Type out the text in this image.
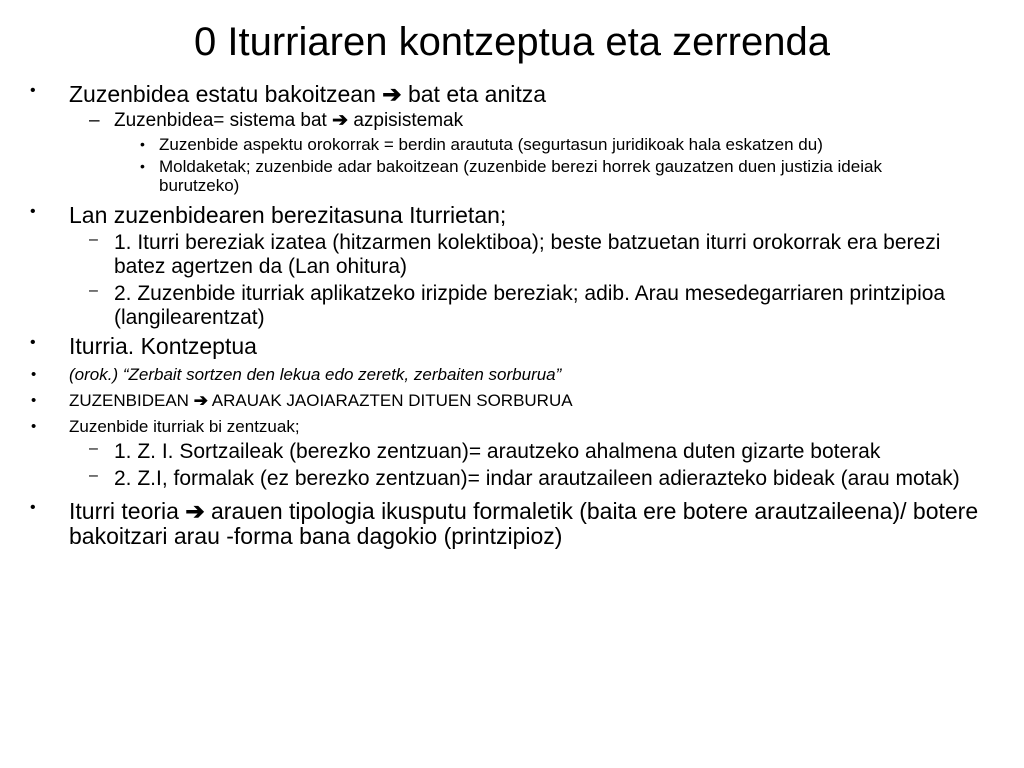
0 Iturriaren kontzeptua eta zerrenda
• Zuzenbidea estatu bakoitzean ➔ bat eta anitza
– Zuzenbidea= sistema bat ➔ azpisistemak
• Zuzenbide aspektu orokorrak = berdin araututa (segurtasun juridikoak hala eskatzen du)
• Moldaketak; zuzenbide adar bakoitzean (zuzenbide berezi horrek gauzatzen duen justizia ideiak burutzeko)
• Lan zuzenbidearen berezitasuna Iturrietan;
– 1. Iturri bereziak izatea (hitzarmen kolektiboa); beste batzuetan iturri orokorrak era berezi batez agertzen da (Lan ohitura)
– 2. Zuzenbide iturriak aplikatzeko irizpide bereziak; adib. Arau mesedegarriaren printzipioa (langilearentzat)
• Iturria. Kontzeptua
• (orok.) “Zerbait sortzen den lekua edo zeretk, zerbaiten sorburua”
• ZUZENBIDEAN ➔ ARAUAK JAOIARAZTEN DITUEN SORBURUA
• Zuzenbide iturriak bi zentzuak;
– 1. Z. I. Sortzaileak (berezko zentzuan)= arautzeko ahalmena duten gizarte boterak
– 2. Z.I, formalak (ez berezko zentzuan)= indar arautzaileen adierazteko bideak (arau motak)
• Iturri teoria ➔ arauen tipologia ikusputu formaletik (baita ere botere arautzaileena)/ botere bakoitzari arau -forma bana dagokio (printzipioz)
